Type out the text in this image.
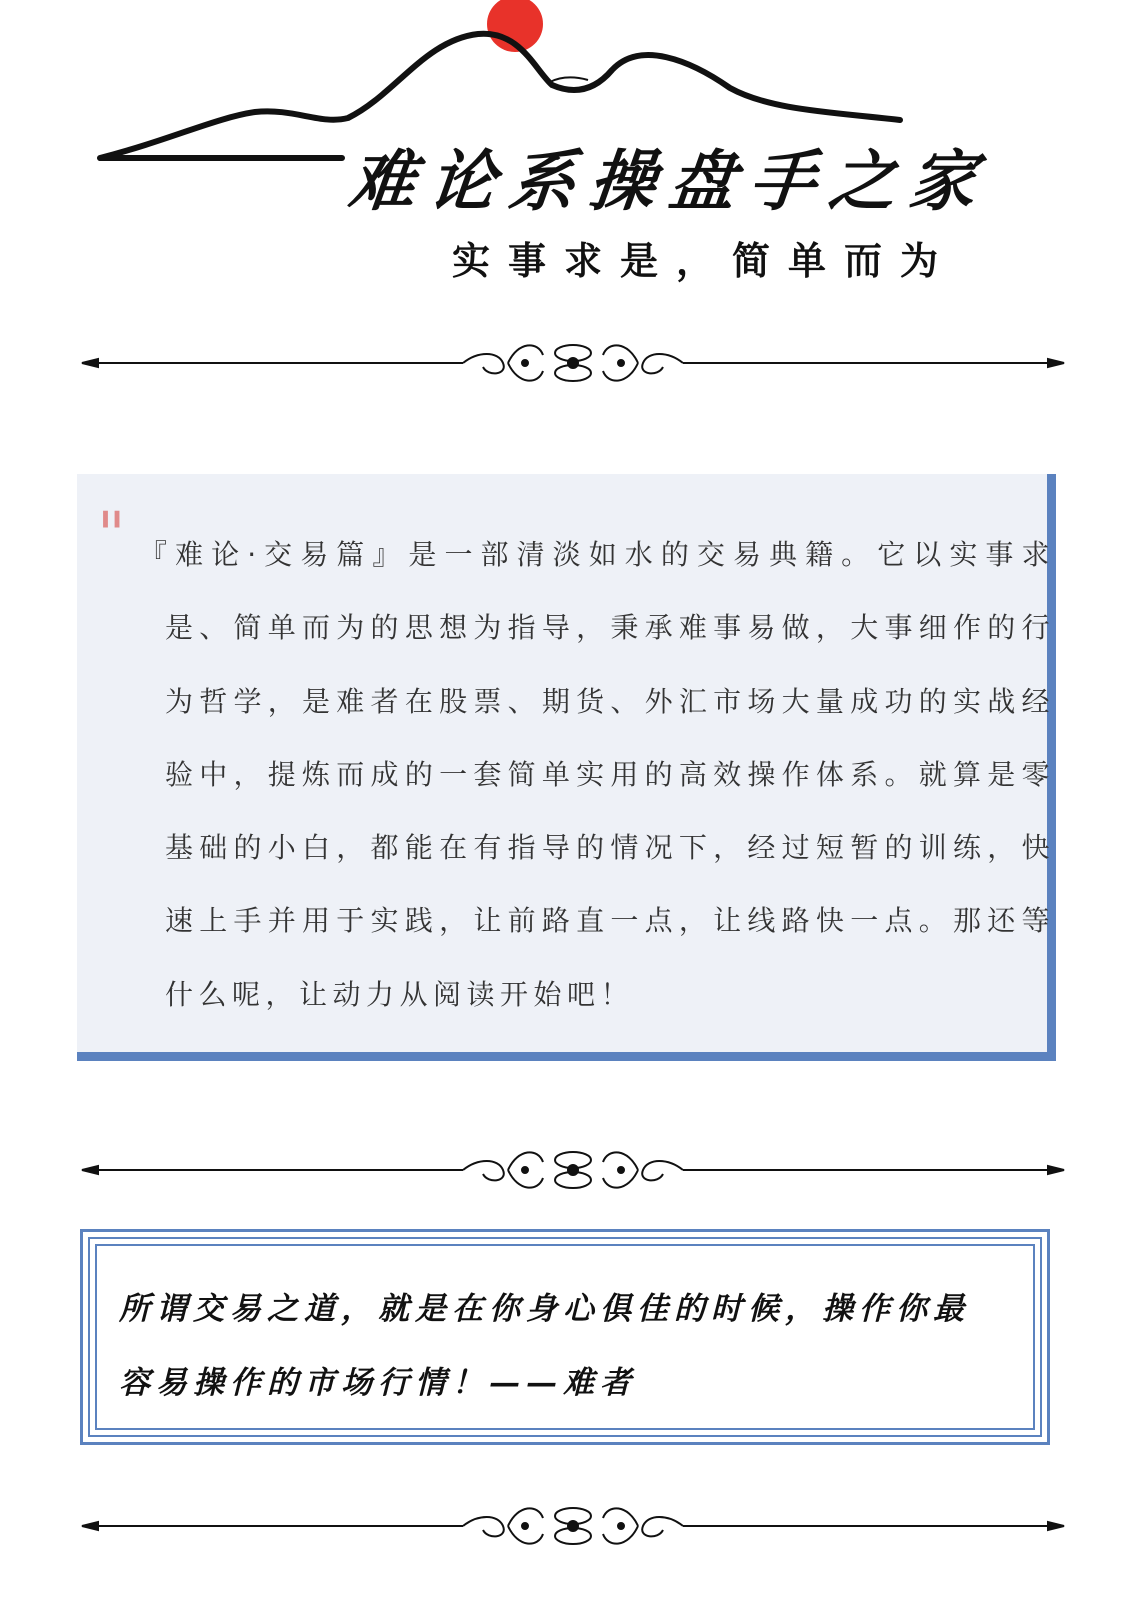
难论系操盘手之家
实事求是，简单而为
" 『难论·交易篇』是一部清淡如水的交易典籍。它以实事求是、简单而为的思想为指导，秉承难事易做，大事细作的行为哲学，是难者在股票、期货、外汇市场大量成功的实战经验中，提炼而成的一套简单实用的高效操作体系。就算是零基础的小白，都能在有指导的情况下，经过短暂的训练，快速上手并用于实践，让前路直一点，让线路快一点。那还等什么呢，让动力从阅读开始吧！
所谓交易之道，就是在你身心俱佳的时候，操作你最容易操作的市场行情！——难者
